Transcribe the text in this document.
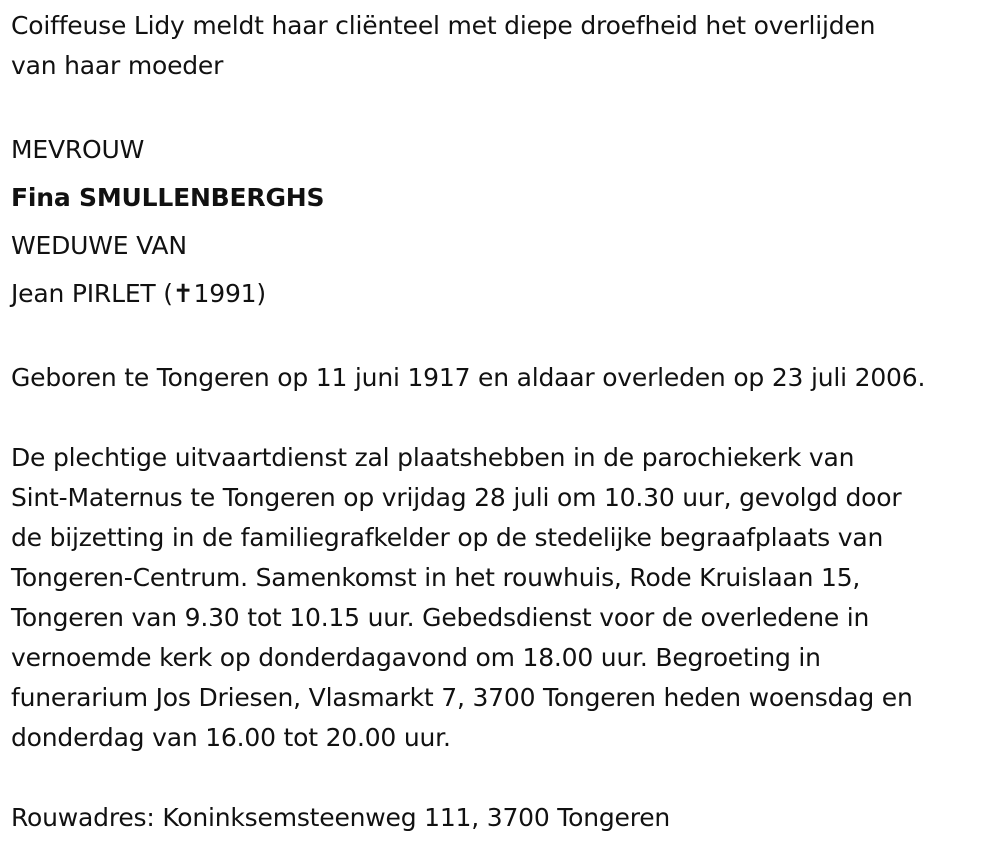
Coiffeuse Lidy meldt haar cliënteel met diepe droefheid het overlijden
van haar moeder
MEVROUW
Fina SMULLENBERGHS
WEDUWE VAN
Jean PIRLET (✝1991)
Geboren te Tongeren op 11 juni 1917 en aldaar overleden op 23 juli 2006.
De plechtige uitvaartdienst zal plaatshebben in de parochiekerk van
Sint-Maternus te Tongeren op vrijdag 28 juli om 10.30 uur, gevolgd door
de bijzetting in de familiegrafkelder op de stedelijke begraafplaats van
Tongeren-Centrum. Samenkomst in het rouwhuis, Rode Kruislaan 15,
Tongeren van 9.30 tot 10.15 uur. Gebedsdienst voor de overledene in
vernoemde kerk op donderdagavond om 18.00 uur. Begroeting in
funerarium Jos Driesen, Vlasmarkt 7, 3700 Tongeren heden woensdag en
donderdag van 16.00 tot 20.00 uur.
Rouwadres: Koninksemsteenweg 111, 3700 Tongeren
